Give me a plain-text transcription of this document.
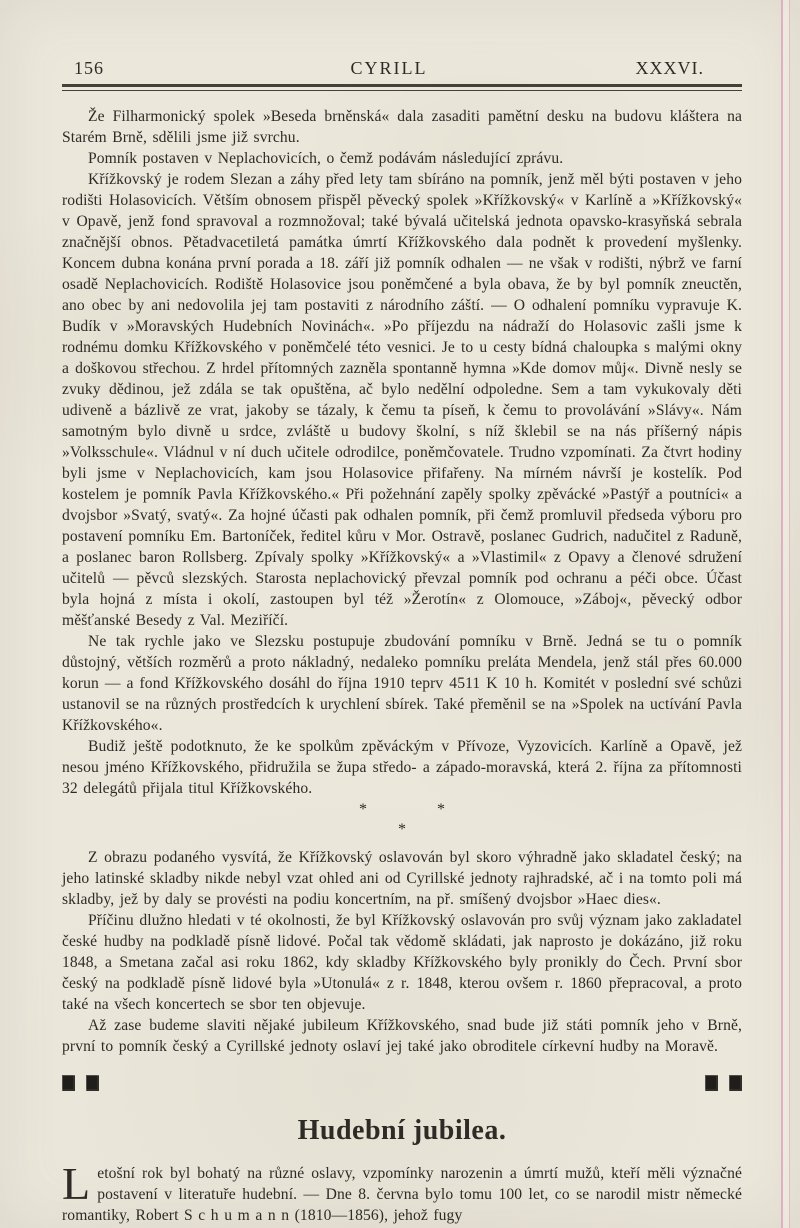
156	CYRILL	XXXVI.

Že Filharmonický spolek »Beseda brněnská« dala zasaditi pamětní desku na budovu kláštera na Starém Brně, sdělili jsme již svrchu.

Pomník postaven v Neplachovicích, o čemž podávám následující zprávu.

Křížkovský je rodem Slezan a záhy před lety tam sbíráno na pomník, jenž měl býti postaven v jeho rodišti Holasovicích. Větším obnosem přispěl pěvecký spolek »Křížkovský« v Karlíně a »Křížkovský« v Opavě, jenž fond spravoval a rozmnožoval; také bývalá učitelská jednota opavsko-krasyňská sebrala značnější obnos. Pětadvacetiletá památka úmrtí Křížkovského dala podnět k provedení myšlenky. Koncem dubna konána první porada a 18. září již pomník odhalen — ne však v rodišti, nýbrž ve farní osadě Neplachovicích. Rodiště Holasovice jsou poněmčené a byla obava, že by byl pomník zneuctěn, ano obec by ani nedovolila jej tam postaviti z národního záští. — O odhalení pomníku vypravuje K. Budík v »Moravských Hudebních Novinách«. »Po příjezdu na nádraží do Holasovic zašli jsme k rodnému domku Křížkovského v poněmčelé této vesnici. Je to u cesty bídná chaloupka s malými okny a doškovou střechou. Z hrdel přítomných zazněla spontanně hymna »Kde domov můj«. Divně nesly se zvuky dědinou, jež zdála se tak opuštěna, ač bylo nedělní odpoledne. Sem a tam vykukovaly děti udiveně a bázlivě ze vrat, jakoby se tázaly, k čemu ta píseň, k čemu to provolávání »Slávy«. Nám samotným bylo divně u srdce, zvláště u budovy školní, s níž šklebil se na nás příšerný nápis »Volksschule«. Vládnul v ní duch učitele odrodilce, poněmčovatele. Trudno vzpomínati. Za čtvrt hodiny byli jsme v Neplachovicích, kam jsou Holasovice přifařeny. Na mírném návrší je kostelík. Pod kostelem je pomník Pavla Křížkovského.« Při požehnání zapěly spolky zpěvácké »Pastýř a poutníci« a dvojsbor »Svatý, svatý«. Za hojné účasti pak odhalen pomník, při čemž promluvil předseda výboru pro postavení pomníku Em. Bartoníček, ředitel kůru v Mor. Ostravě, poslanec Gudrich, nadučitel z Raduně, a poslanec baron Rollsberg. Zpívaly spolky »Křížkovský« a »Vlastimil« z Opavy a členové sdružení učitelů — pěvců slezských. Starosta neplachovický převzal pomník pod ochranu a péči obce. Účast byla hojná z místa i okolí, zastoupen byl též »Žerotín« z Olomouce, »Záboj«, pěvecký odbor měšťanské Besedy z Val. Meziříčí.

Ne tak rychle jako ve Slezsku postupuje zbudování pomníku v Brně. Jedná se tu o pomník důstojný, větších rozměrů a proto nákladný, nedaleko pomníku preláta Mendela, jenž stál přes 60.000 korun — a fond Křížkovského dosáhl do října 1910 teprv 4511 K 10 h. Komitét v poslední své schůzi ustanovil se na různých prostředcích k urychlení sbírek. Také přeměnil se na »Spolek na uctívání Pavla Křížkovského«.

Budiž ještě podotknuto, že ke spolkům zpěváckým v Přívoze, Vyzovicích. Karlíně a Opavě, jež nesou jméno Křížkovského, přidružila se župa středo- a západo-moravská, která 2. října za přítomnosti 32 delegátů přijala titul Křížkovského.

*	*
*

Z obrazu podaného vysvítá, že Křížkovský oslavován byl skoro výhradně jako skladatel český; na jeho latinské skladby nikde nebyl vzat ohled ani od Cyrillské jednoty rajhradské, ač i na tomto poli má skladby, jež by daly se provésti na podiu koncertním, na př. smíšený dvojsbor »Haec dies«.

Příčinu dlužno hledati v té okolnosti, že byl Křížkovský oslavován pro svůj význam jako zakladatel české hudby na podkladě písně lidové. Počal tak vědomě skládati, jak naprosto je dokázáno, již roku 1848, a Smetana začal asi roku 1862, kdy skladby Křížkovského byly pronikly do Čech. První sbor český na podkladě písně lidové byla »Utonulá« z r. 1848, kterou ovšem r. 1860 přepracoval, a proto také na všech koncertech se sbor ten objevuje.

Až zase budeme slaviti nějaké jubileum Křížkovského, snad bude již státi pomník jeho v Brně, první to pomník český a Cyrillské jednoty oslaví jej také jako obroditele církevní hudby na Moravě.

Hudební jubilea.

L etošní rok byl bohatý na různé oslavy, vzpomínky narozenin a úmrtí mužů, kteří měli význačné postavení v literatuře hudební. — Dne 8. června bylo tomu 100 let, co se narodil mistr německé romantiky, Robert S c h u m a n n (1810—1856), jehož fugy
